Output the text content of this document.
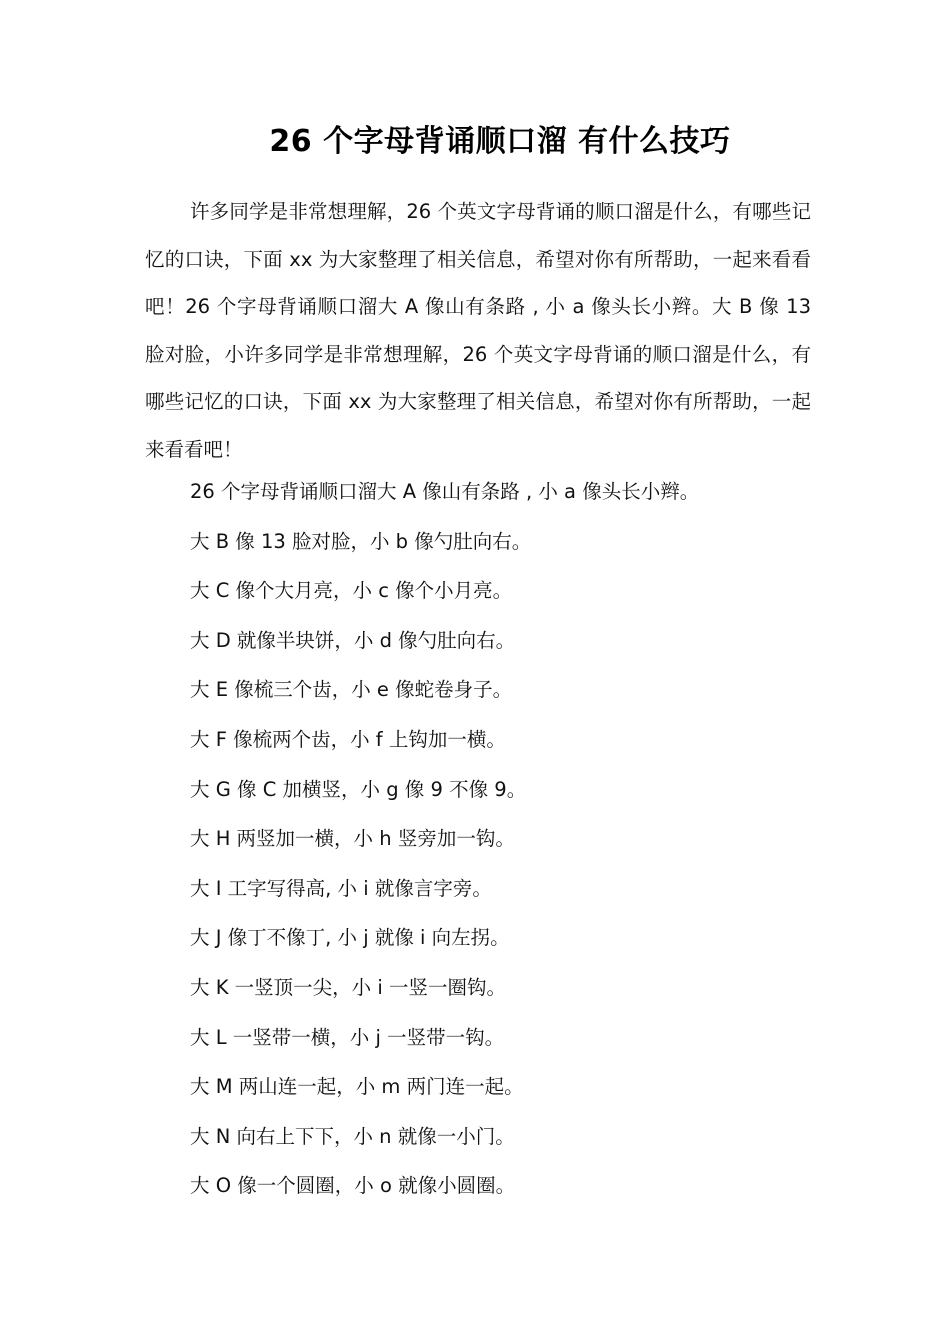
26 个字母背诵顺口溜 有什么技巧

许多同学是非常想理解，26 个英文字母背诵的顺口溜是什么，有哪些记忆的口诀，下面 xx 为大家整理了相关信息，希望对你有所帮助，一起来看看吧！26 个字母背诵顺口溜大 A 像山有条路 , 小 a 像头长小辫。大 B 像 13 脸对脸，小许多同学是非常想理解，26 个英文字母背诵的顺口溜是什么，有哪些记忆的口诀，下面 xx 为大家整理了相关信息，希望对你有所帮助，一起来看看吧！

26 个字母背诵顺口溜大 A 像山有条路 , 小 a 像头长小辫。
大 B 像 13 脸对脸，小 b 像勺肚向右。
大 C 像个大月亮，小 c 像个小月亮。
大 D 就像半块饼，小 d 像勺肚向右。
大 E 像梳三个齿，小 e 像蛇卷身子。
大 F 像梳两个齿，小 f 上钩加一横。
大 G 像 C 加横竖，小 g 像 9 不像 9。
大 H 两竖加一横，小 h 竖旁加一钩。
大 I 工字写得高, 小 i 就像言字旁。
大 J 像丁不像丁, 小 j 就像 i 向左拐。
大 K 一竖顶一尖，小 i 一竖一圈钩。
大 L 一竖带一横，小 j 一竖带一钩。
大 M 两山连一起，小 m 两门连一起。
大 N 向右上下下，小 n 就像一小门。
大 O 像一个圆圈，小 o 就像小圆圈。
